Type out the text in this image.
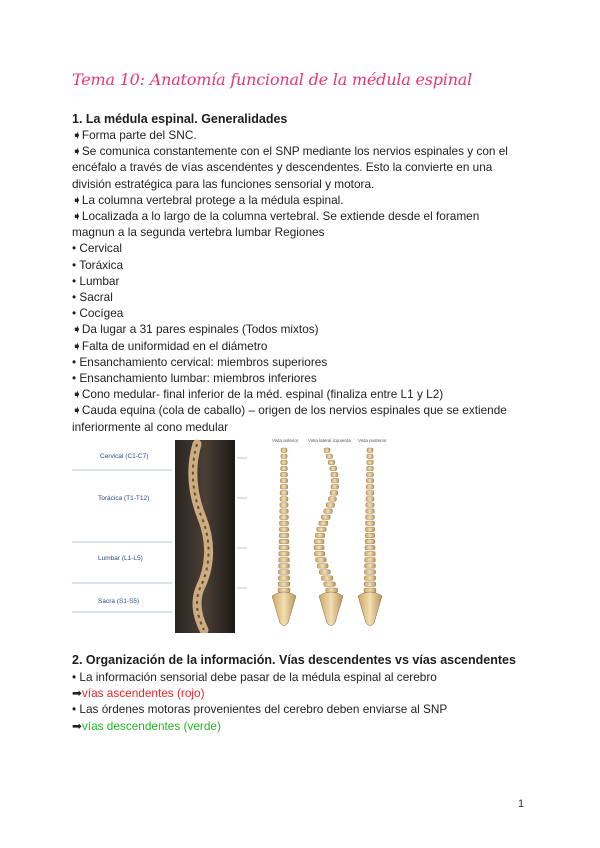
Tema 10: Anatomía funcional de la médula espinal
1. La médula espinal. Generalidades
➧Forma parte del SNC.
➧Se comunica constantemente con el SNP mediante los nervios espinales y con el
encéfalo a través de vías ascendentes y descendentes. Esto la convierte en una
división estratégica para las funciones sensorial y motora.
➧La columna vertebral protege a la médula espinal.
➧Localizada a lo largo de la columna vertebral. Se extiende desde el foramen
magnun a la segunda vertebra lumbar Regiones
• Cervical
• Toráxica
• Lumbar
• Sacral
• Cocígea
➧Da lugar a 31 pares espinales (Todos mixtos)
➧Falta de uniformidad en el diámetro
• Ensanchamiento cervical: miembros superiores
• Ensanchamiento lumbar: miembros inferiores
➧Cono medular- final inferior de la méd. espinal (finaliza entre L1 y L2)
➧Cauda equina (cola de caballo) – origen de los nervios espinales que se extiende
inferiormente al cono medular
Cervical (C1-C7)
Torácica (T1-T12)
Lumbar (L1-L5)
Sacra (S1-S5)
Vista anterior Vista lateral izquierda Vista posterior
2. Organización de la información. Vías descendentes vs vías ascendentes
• La información sensorial debe pasar de la médula espinal al cerebro
➡vías ascendentes (rojo)
• Las órdenes motoras provenientes del cerebro deben enviarse al SNP
➡vías descendentes (verde)
1
